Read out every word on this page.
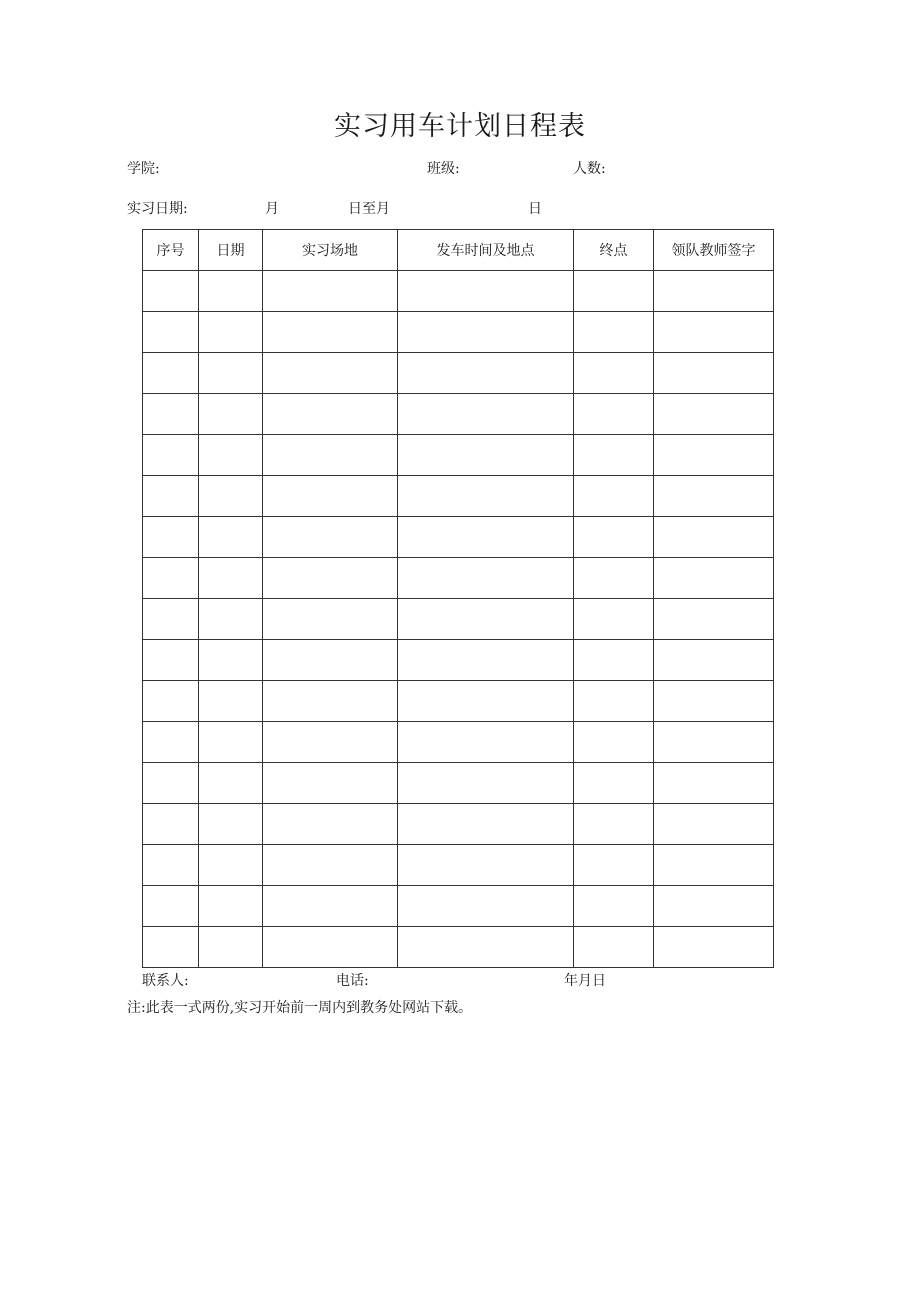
实习用车计划日程表
学院:	班级:	人数:
实习日期:	月	日至月	日
序号	日期	实习场地	发车时间及地点	终点	领队教师签字

联系人:	电话:	年月日
注:此表一式两份,实习开始前一周内到教务处网站下载。
